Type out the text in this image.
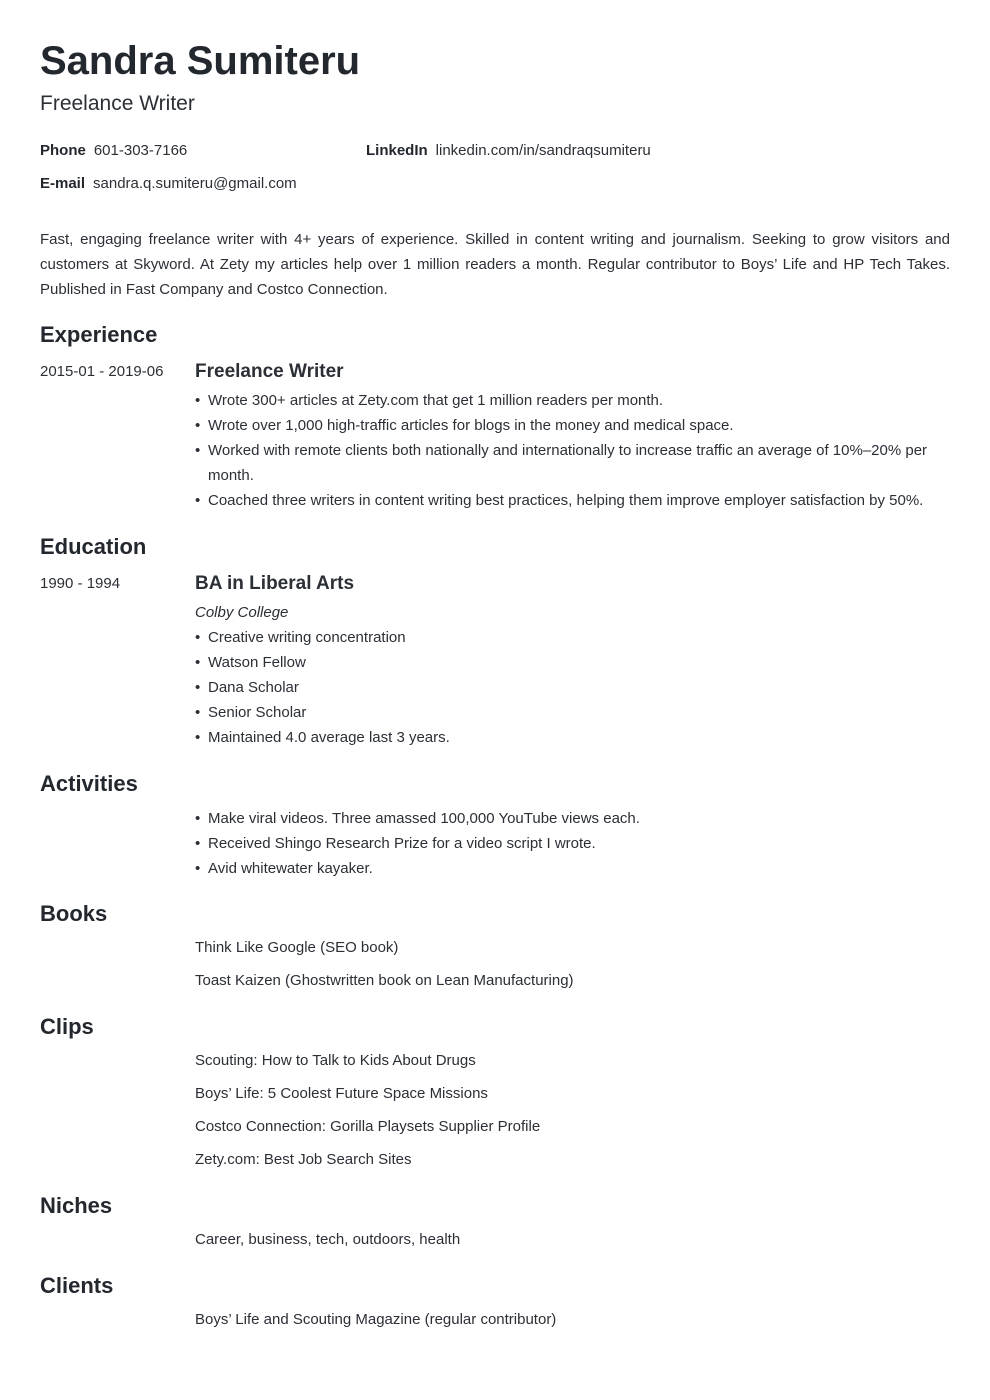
Sandra Sumiteru
Freelance Writer
Phone 601-303-7166	LinkedIn linkedin.com/in/sandraqsumiteru
E-mail sandra.q.sumiteru@gmail.com
Fast, engaging freelance writer with 4+ years of experience. Skilled in content writing and journalism. Seeking to grow visitors and customers at Skyword. At Zety my articles help over 1 million readers a month. Regular contributor to Boys’ Life and HP Tech Takes. Published in Fast Company and Costco Connection.
Experience
2015-01 - 2019-06 Freelance Writer
• Wrote 300+ articles at Zety.com that get 1 million readers per month.
• Wrote over 1,000 high-traffic articles for blogs in the money and medical space.
• Worked with remote clients both nationally and internationally to increase traffic an average of 10%–20% per month.
• Coached three writers in content writing best practices, helping them improve employer satisfaction by 50%.
Education
1990 - 1994	BA in Liberal Arts
Colby College
• Creative writing concentration
• Watson Fellow
• Dana Scholar
• Senior Scholar
• Maintained 4.0 average last 3 years.
Activities
• Make viral videos. Three amassed 100,000 YouTube views each.
• Received Shingo Research Prize for a video script I wrote.
• Avid whitewater kayaker.
Books
Think Like Google (SEO book)
Toast Kaizen (Ghostwritten book on Lean Manufacturing)
Clips
Scouting: How to Talk to Kids About Drugs
Boys’ Life: 5 Coolest Future Space Missions
Costco Connection: Gorilla Playsets Supplier Profile
Zety.com: Best Job Search Sites
Niches
Career, business, tech, outdoors, health
Clients
Boys’ Life and Scouting Magazine (regular contributor)
